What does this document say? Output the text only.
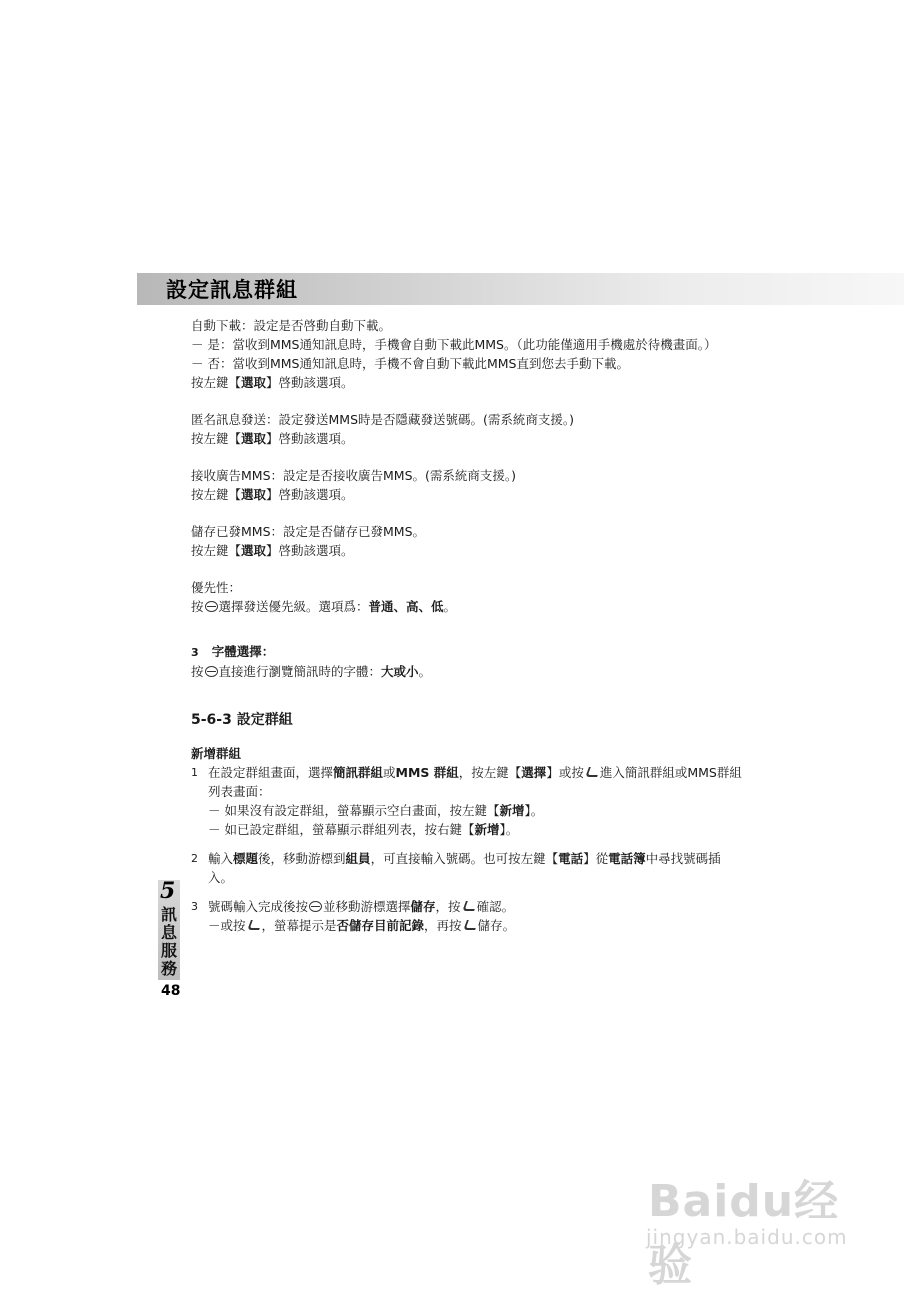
設定訊息群組
自動下載：設定是否啓動自動下載。
－ 是：當收到MMS通知訊息時，手機會自動下載此MMS。（此功能僅適用手機處於待機畫面。）
－ 否：當收到MMS通知訊息時，手機不會自動下載此MMS直到您去手動下載。
按左鍵【選取】啓動該選項。
匿名訊息發送：設定發送MMS時是否隱藏發送號碼。(需系統商支援。)
按左鍵【選取】啓動該選項。
接收廣告MMS：設定是否接收廣告MMS。(需系統商支援。)
按左鍵【選取】啓動該選項。
儲存已發MMS：設定是否儲存已發MMS。
按左鍵【選取】啓動該選項。
優先性：
按 選擇發送優先級。選項爲：普通、高、低。
3 字體選擇：
按 直接進行瀏覽簡訊時的字體：大或小。
5-6-3 設定群組
新增群組
1 在設定群組畫面，選擇簡訊群組或MMS 群組，按左鍵【選擇】或按 進入簡訊群組或MMS群組
列表畫面：
－ 如果沒有設定群組，螢幕顯示空白畫面，按左鍵【新增】。
－ 如已設定群組，螢幕顯示群組列表，按右鍵【新增】。
2 輸入標題後，移動游標到組員，可直接輸入號碼。也可按左鍵【電話】從電話簿中尋找號碼插
入。
3 號碼輸入完成後按 並移動游標選擇儲存，按 確認。
－或按 ，螢幕提示是否儲存目前記錄，再按 儲存。
5
訊息服務
48
Baidu经验
jingyan.baidu.com
